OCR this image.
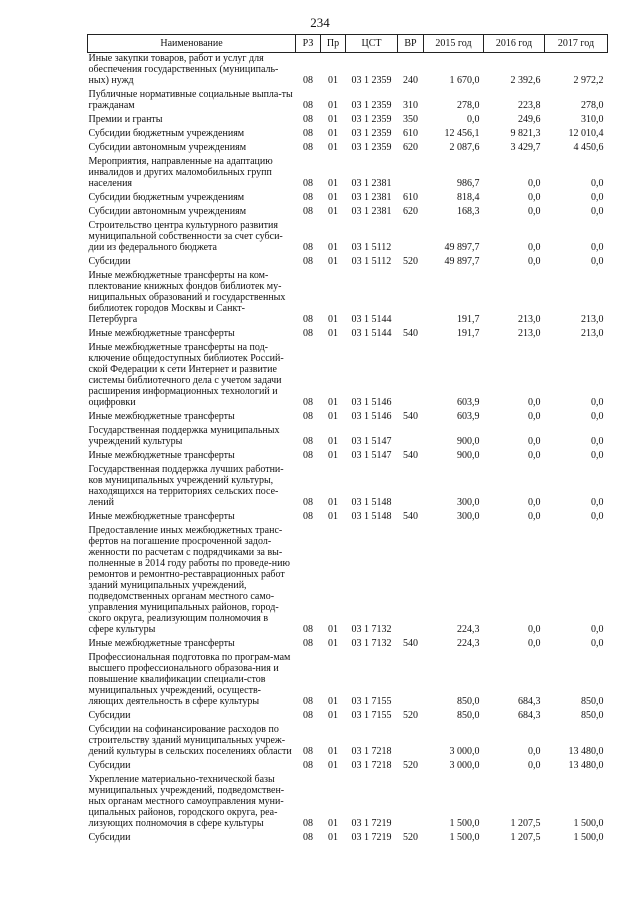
234
Наименование	РЗ	Пр	ЦСТ	ВР	2015 год	2016 год	2017 год
Иные закупки товаров, работ и услуг для обеспечения государственных (муниципаль-ных) нужд	08	01	03 1 2359	240	1 670,0	2 392,6	2 972,2
Публичные нормативные социальные выпла-ты гражданам	08	01	03 1 2359	310	278,0	223,8	278,0
Премии и гранты	08	01	03 1 2359	350	0,0	249,6	310,0
Субсидии бюджетным учреждениям	08	01	03 1 2359	610	12 456,1	9 821,3	12 010,4
Субсидии автономным учреждениям	08	01	03 1 2359	620	2 087,6	3 429,7	4 450,6
Мероприятия, направленные на адаптацию инвалидов и других маломобильных групп населения	08	01	03 1 2381		986,7	0,0	0,0
Субсидии бюджетным учреждениям	08	01	03 1 2381	610	818,4	0,0	0,0
Субсидии автономным учреждениям	08	01	03 1 2381	620	168,3	0,0	0,0
Строительство центра культурного развития муниципальной собственности за счет субси-дии из федерального бюджета	08	01	03 1 5112		49 897,7	0,0	0,0
Субсидии	08	01	03 1 5112	520	49 897,7	0,0	0,0
Иные межбюджетные трансферты на ком-плектование книжных фондов библиотек му-ниципальных образований и государственных библиотек городов Москвы и Санкт-Петербурга	08	01	03 1 5144		191,7	213,0	213,0
Иные межбюджетные трансферты	08	01	03 1 5144	540	191,7	213,0	213,0
Иные межбюджетные трансферты на под-ключение общедоступных библиотек Россий-ской Федерации к сети Интернет и развитие системы библиотечного дела с учетом задачи расширения информационных технологий и оцифровки	08	01	03 1 5146		603,9	0,0	0,0
Иные межбюджетные трансферты	08	01	03 1 5146	540	603,9	0,0	0,0
Государственная поддержка муниципальных учреждений культуры	08	01	03 1 5147		900,0	0,0	0,0
Иные межбюджетные трансферты	08	01	03 1 5147	540	900,0	0,0	0,0
Государственная поддержка лучших работни-ков муниципальных учреждений культуры, находящихся на территориях сельских посе-лений	08	01	03 1 5148		300,0	0,0	0,0
Иные межбюджетные трансферты	08	01	03 1 5148	540	300,0	0,0	0,0
Предоставление иных межбюджетных транс-фертов на погашение просроченной задол-женности по расчетам с подрядчиками за вы-полненные в 2014 году работы по проведе-нию ремонтов и ремонтно-реставрационных работ зданий муниципальных учреждений, подведомственных органам местного само-управления муниципальных районов, город-ского округа, реализующим полномочия в сфере культуры	08	01	03 1 7132		224,3	0,0	0,0
Иные межбюджетные трансферты	08	01	03 1 7132	540	224,3	0,0	0,0
Профессиональная подготовка по програм-мам высшего профессионального образова-ния и повышение квалификации специали-стов муниципальных учреждений, осуществ-ляющих деятельность в сфере культуры	08	01	03 1 7155		850,0	684,3	850,0
Субсидии	08	01	03 1 7155	520	850,0	684,3	850,0
Субсидии на софинансирование расходов по строительству зданий муниципальных учреж-дений культуры в сельских поселениях области	08	01	03 1 7218		3 000,0	0,0	13 480,0
Субсидии	08	01	03 1 7218	520	3 000,0	0,0	13 480,0
Укрепление материально-технической базы муниципальных учреждений, подведомствен-ных органам местного самоуправления муни-ципальных районов, городского округа, реа-лизующих полномочия в сфере культуры	08	01	03 1 7219		1 500,0	1 207,5	1 500,0
Субсидии	08	01	03 1 7219	520	1 500,0	1 207,5	1 500,0
